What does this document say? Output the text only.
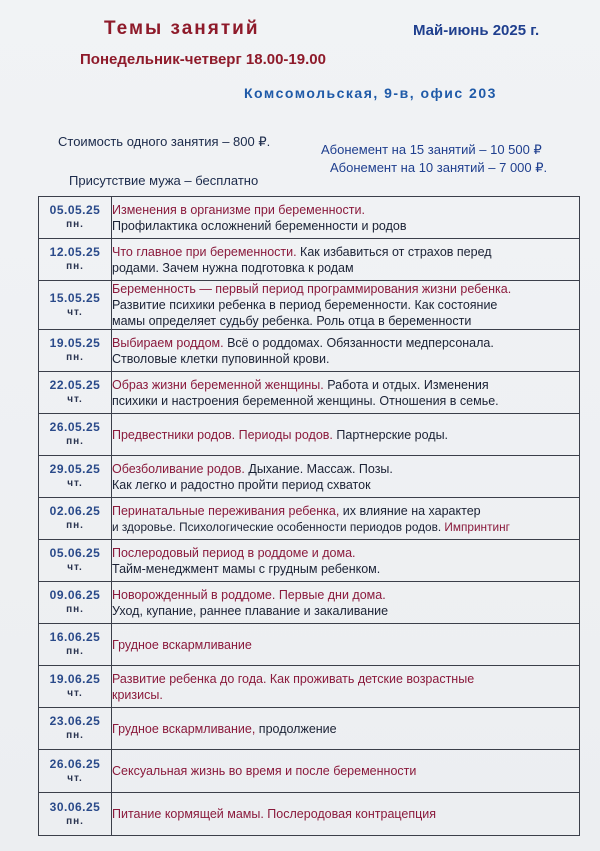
Темы занятий	Май-июнь 2025 г.
Понедельник-четверг 18.00-19.00
Комсомольская, 9-в, офис 203
Стоимость одного занятия – 800 ₽.
Абонемент на 15 занятий – 10 500 ₽
Абонемент на 10 занятий – 7 000 ₽.
Присутствие мужа – бесплатно
05.05.25
пн.	Изменения в организме при беременности.
Профилактика осложнений беременности и родов

12.05.25
пн.	Что главное при беременности. Как избавиться от страхов перед
родами. Зачем нужна подготовка к родам

15.05.25
чт.	Беременность — первый период программирования жизни ребенка.
Развитие психики ребенка в период беременности. Как состояние
мамы определяет судьбу ребенка. Роль отца в беременности

19.05.25
пн.	Выбираем роддом. Всё о роддомах. Обязанности медперсонала.
Стволовые клетки пуповинной крови.

22.05.25
чт.	Образ жизни беременной женщины. Работа и отдых. Изменения
психики и настроения беременной женщины. Отношения в семье.

26.05.25
пн.	Предвестники родов. Периоды родов. Партнерские роды.

29.05.25
чт.	Обезболивание родов. Дыхание. Массаж. Позы.
Как легко и радостно пройти период схваток

02.06.25
пн.	Перинатальные переживания ребенка, их влияние на характер
и здоровье. Психологические особенности периодов родов. Импринтинг

05.06.25
чт.	Послеродовый период в роддоме и дома.
Тайм-менеджмент мамы с грудным ребенком.

09.06.25
пн.	Новорожденный в роддоме. Первые дни дома.
Уход, купание, раннее плавание и закаливание

16.06.25
пн.	Грудное вскармливание

19.06.25
чт.	Развитие ребенка до года. Как проживать детские возрастные
кризисы.

23.06.25
пн.	Грудное вскармливание, продолжение

26.06.25
чт.	Сексуальная жизнь во время и после беременности

30.06.25
пн.	Питание кормящей мамы. Послеродовая контрацепция
